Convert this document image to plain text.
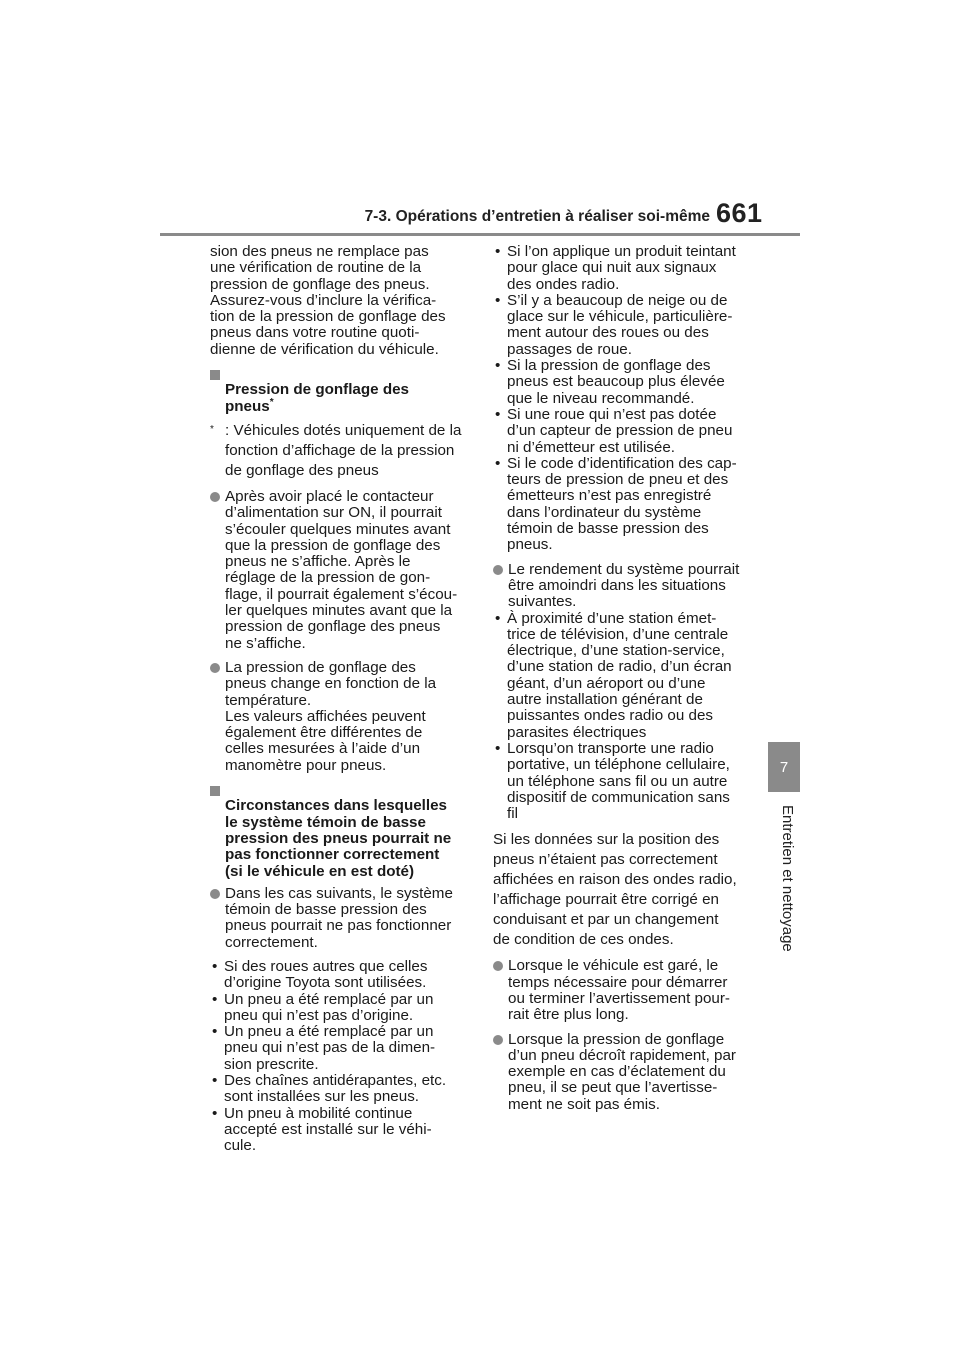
7-3. Opérations d’entretien à réaliser soi-même 661
7
Entretien et nettoyage

sion des pneus ne remplace pas
une vérification de routine de la
pression de gonflage des pneus.
Assurez-vous d’inclure la vérifica-
tion de la pression de gonflage des
pneus dans votre routine quoti-
dienne de vérification du véhicule.

Pression de gonflage des
pneus*

* : Véhicules dotés uniquement de la fonction d’affichage de la pression de gonflage des pneus
Après avoir placé le contacteur
d’alimentation sur ON, il pourrait
s’écouler quelques minutes avant
que la pression de gonflage des
pneus ne s’affiche. Après le
réglage de la pression de gon-
flage, il pourrait également s’écou-
ler quelques minutes avant que la
pression de gonflage des pneus
ne s’affiche.
La pression de gonflage des
pneus change en fonction de la
température.
Les valeurs affichées peuvent
également être différentes de
celles mesurées à l’aide d’un
manomètre pour pneus.

Circonstances dans lesquelles
le système témoin de basse
pression des pneus pourrait ne
pas fonctionner correctement
(si le véhicule en est doté)

Dans les cas suivants, le système
témoin de basse pression des
pneus pourrait ne pas fonctionner
correctement.
• Si des roues autres que celles
d’origine Toyota sont utilisées.
• Un pneu a été remplacé par un
pneu qui n’est pas d’origine.
• Un pneu a été remplacé par un
pneu qui n’est pas de la dimen-
sion prescrite.
• Des chaînes antidérapantes, etc.
sont installées sur les pneus.
• Un pneu à mobilité continue
accepté est installé sur le véhi-
cule.
• Si l’on applique un produit teintant
pour glace qui nuit aux signaux
des ondes radio.
• S’il y a beaucoup de neige ou de
glace sur le véhicule, particulière-
ment autour des roues ou des
passages de roue.
• Si la pression de gonflage des
pneus est beaucoup plus élevée
que le niveau recommandé.
• Si une roue qui n’est pas dotée
d’un capteur de pression de pneu
ni d’émetteur est utilisée.
• Si le code d’identification des cap-
teurs de pression de pneu et des
émetteurs n’est pas enregistré
dans l’ordinateur du système
témoin de basse pression des
pneus.
Le rendement du système pourrait
être amoindri dans les situations
suivantes.
• À proximité d’une station émet-
trice de télévision, d’une centrale
électrique, d’une station-service,
d’une station de radio, d’un écran
géant, d’un aéroport ou d’une
autre installation générant de
puissantes ondes radio ou des
parasites électriques
• Lorsqu’on transporte une radio
portative, un téléphone cellulaire,
un téléphone sans fil ou un autre
dispositif de communication sans
fil

Si les données sur la position des
pneus n’étaient pas correctement
affichées en raison des ondes radio,
l’affichage pourrait être corrigé en
conduisant et par un changement
de condition de ces ondes.

Lorsque le véhicule est garé, le
temps nécessaire pour démarrer
ou terminer l’avertissement pour-
rait être plus long.
Lorsque la pression de gonflage
d’un pneu décroît rapidement, par
exemple en cas d’éclatement du
pneu, il se peut que l’avertisse-
ment ne soit pas émis.
